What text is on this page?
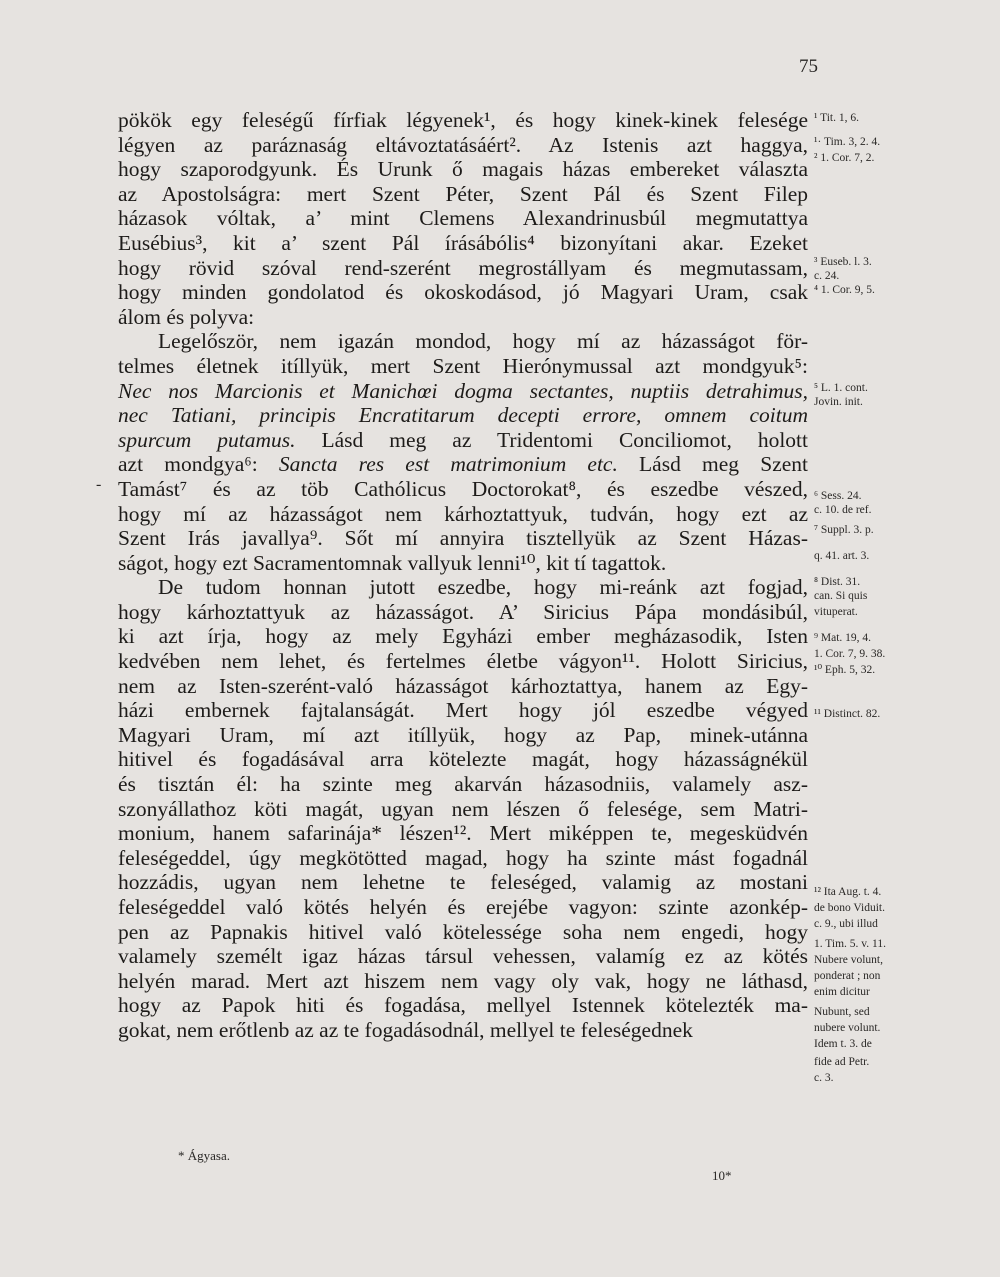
75
pökök egy feleségű fírfiak légyenek¹, és hogy kinek-kinek felesége
légyen az paráznaság eltávoztatásáért². Az Istenis azt haggya,
hogy szaporodgyunk. És Urunk ő magais házas embereket választa
az Apostolságra: mert Szent Péter, Szent Pál és Szent Filep
házasok vóltak, a’ mint Clemens Alexandrinusbúl megmutattya
Eusébius³, kit a’ szent Pál írásábólis⁴ bizonyítani akar. Ezeket
hogy rövid szóval rend-szerént megrostállyam és megmutassam,
hogy minden gondolatod és okoskodásod, jó Magyari Uram, csak
álom és polyva:
Legelőször, nem igazán mondod, hogy mí az házasságot för-
telmes életnek itíllyük, mert Szent Hierónymussal azt mondgyuk⁵:
Nec nos Marcionis et Manichœi dogma sectantes, nuptiis detrahimus,
nec Tatiani, principis Encratitarum decepti errore, omnem coitum
spurcum putamus. Lásd meg az Tridentomi Conciliomot, holott
azt mondgya⁶: Sancta res est matrimonium etc. Lásd meg Szent
Tamást⁷ és az töb Cathólicus Doctorokat⁸, és eszedbe vészed,
hogy mí az házasságot nem kárhoztattyuk, tudván, hogy ezt az
Szent Irás javallya⁹. Sőt mí annyira tisztellyük az Szent Házas-
ságot, hogy ezt Sacramentomnak vallyuk lenni¹⁰, kit tí tagattok.
De tudom honnan jutott eszedbe, hogy mi-reánk azt fogjad,
hogy kárhoztattyuk az házasságot. A’ Siricius Pápa mondásibúl,
ki azt írja, hogy az mely Egyházi ember megházasodik, Isten
kedvében nem lehet, és fertelmes életbe vágyon¹¹. Holott Siricius,
nem az Isten-szerént-való házasságot kárhoztattya, hanem az Egy-
házi embernek fajtalanságát. Mert hogy jól eszedbe végyed
Magyari Uram, mí azt itíllyük, hogy az Pap, minek-utánna
hitivel és fogadásával arra kötelezte magát, hogy házasságnékül
és tisztán él: ha szinte meg akarván házasodniis, valamely asz-
szonyállathoz köti magát, ugyan nem lészen ő felesége, sem Matri-
monium, hanem safarinája* lészen¹². Mert miképpen te, megesküdvén
feleségeddel, úgy megkötötted magad, hogy ha szinte mást fogadnál
hozzádis, ugyan nem lehetne te feleséged, valamig az mostani
feleségeddel való kötés helyén és erejébe vagyon: szinte azonkép-
pen az Papnakis hitivel való kötelessége soha nem engedi, hogy
valamely személt igaz házas társul vehessen, valamíg ez az kötés
helyén marad. Mert azt hiszem nem vagy oly vak, hogy ne láthasd,
hogy az Papok hiti és fogadása, mellyel Istennek kötelezték ma-
gokat, nem erőtlenb az az te fogadásodnál, mellyel te feleségednek
¹ Tit. 1, 6.
¹· Tim. 3, 2. 4.
² 1. Cor. 7, 2.
³ Euseb. l. 3.
c. 24.
⁴ 1. Cor. 9, 5.
⁵ L. 1. cont.
Jovin. init.
⁶ Sess. 24.
c. 10. de ref.
⁷ Suppl. 3. p.
q. 41. art. 3.
⁸ Dist. 31.
can. Si quis
vituperat.
⁹ Mat. 19, 4.
1. Cor. 7, 9. 38.
¹⁰ Eph. 5, 32.
¹¹ Distinct. 82.
¹² Ita Aug. t. 4.
de bono Viduit.
c. 9., ubi illud
1. Tim. 5. v. 11.
Nubere volunt,
ponderat ; non
enim dicitur
Nubunt, sed
nubere volunt.
Idem t. 3. de
fide ad Petr.
c. 3.
-
* Ágyasa.
10*
